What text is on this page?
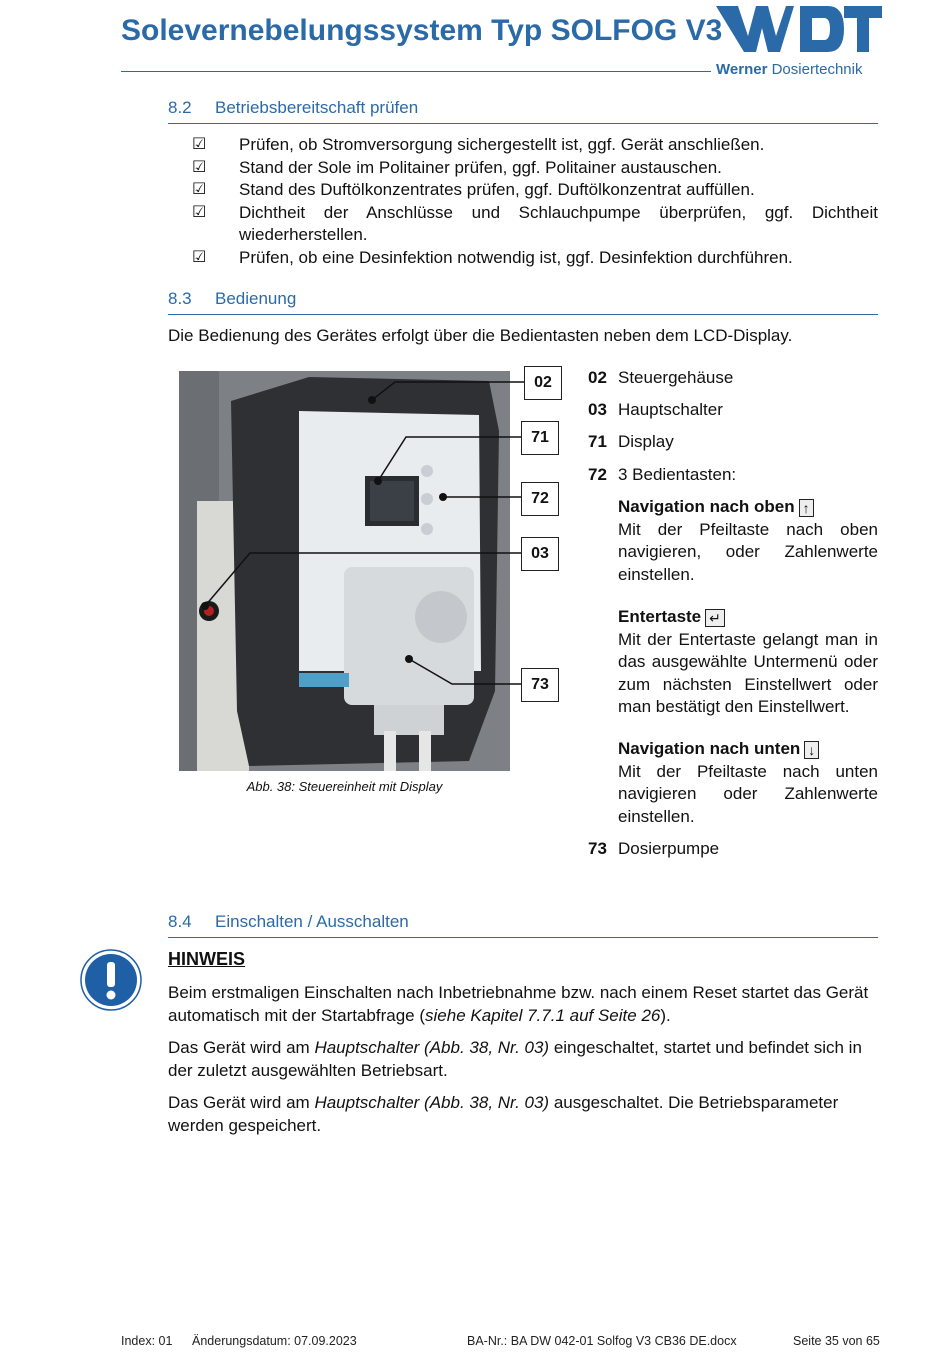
Solevernebelungssystem Typ SOLFOG V3
Werner Dosiertechnik
8.2 Betriebsbereitschaft prüfen
☑	Prüfen, ob Stromversorgung sichergestellt ist, ggf. Gerät anschließen.
☑	Stand der Sole im Politainer prüfen, ggf. Politainer austauschen.
☑	Stand des Duftölkonzentrates prüfen, ggf. Duftölkonzentrat auffüllen.
☑	Dichtheit der Anschlüsse und Schlauchpumpe überprüfen, ggf. Dichtheit wiederherstellen.
☑	Prüfen, ob eine Desinfektion notwendig ist, ggf. Desinfektion durchführen.
8.3 Bedienung
Die Bedienung des Gerätes erfolgt über die Bedientasten neben dem LCD-Display.
02
71
72
03
73
Abb. 38: Steuereinheit mit Display
02 Steuergehäuse
03 Hauptschalter
71 Display
72 3 Bedientasten:
Navigation nach oben ↑
Mit der Pfeiltaste nach oben navigieren, oder Zahlenwerte einstellen.
Entertaste ↵
Mit der Entertaste gelangt man in das ausgewählte Untermenü oder zum nächsten Einstellwert oder man bestätigt den Einstellwert.
Navigation nach unten ↓
Mit der Pfeiltaste nach unten navigieren oder Zahlenwerte einstellen.
73 Dosierpumpe
8.4 Einschalten / Ausschalten
HINWEIS
Beim erstmaligen Einschalten nach Inbetriebnahme bzw. nach einem Reset startet das Gerät automatisch mit der Startabfrage (siehe Kapitel 7.7.1 auf Seite 26).
Das Gerät wird am Hauptschalter (Abb. 38, Nr. 03) eingeschaltet, startet und befindet sich in der zuletzt ausgewählten Betriebsart.
Das Gerät wird am Hauptschalter (Abb. 38, Nr. 03) ausgeschaltet. Die Betriebsparameter werden gespeichert.
Index: 01 Änderungsdatum: 07.09.2023	BA-Nr.: BA DW 042-01 Solfog V3 CB36 DE.docx	Seite 35 von 65
